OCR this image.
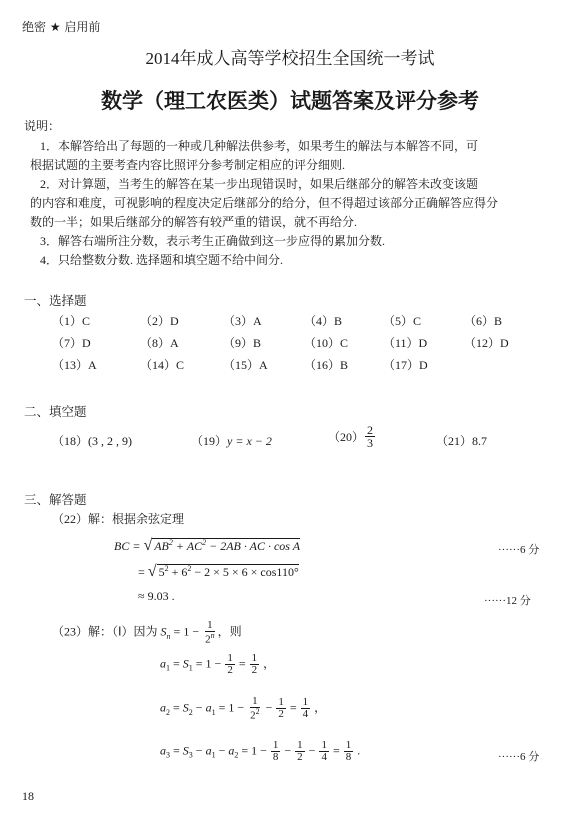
绝密 ★ 启用前
2014年成人高等学校招生全国统一考试
数学（理工农医类）试题答案及评分参考
说明：
1．本解答给出了每题的一种或几种解法供参考，如果考生的解法与本解答不同，可
根据试题的主要考查内容比照评分参考制定相应的评分细则.
2．对计算题，当考生的解答在某一步出现错误时，如果后继部分的解答未改变该题
的内容和难度，可视影响的程度决定后继部分的给分，但不得超过该部分正确解答应得分
数的一半；如果后继部分的解答有较严重的错误，就不再给分.
3．解答右端所注分数，表示考生正确做到这一步应得的累加分数.
4．只给整数分数. 选择题和填空题不给中间分.
一、选择题
（1）C	（2）D	（3）A	（4）B	（5）C	（6）B
（7）D	（8）A	（9）B	（10）C	（11）D	（12）D
（13）A	（14）C	（15）A	（16）B	（17）D
二、填空题
（18）(3 , 2 , 9)	（19）y = x − 2	$(20) \frac{2}{3}$	（21）8.7
三、解答题
（22）解：根据余弦定理
BC = √ $AB^2 + AC^2 - 2AB$ · AC · cos A	······6 分
= √ $5^2 + 6^2 - 2 \times 5 \times 6 \times \cos 110^\circ$
≈ 9.03 .	······12 分
（23）解：（Ⅰ）因为 $S_n = 1 - \frac{1}{2^n}$ ，则
$a_1 = S_1 = 1 - \frac{1}{2} = \frac{1}{2}$ ，
$a_2 = S_2 - a_1 = 1 - \frac{1}{2^2} - \frac{1}{2} = \frac{1}{4}$ ，
$a_3 = S_3 - a_1 - a_2 = 1 - \frac{1}{8} - \frac{1}{2} - \frac{1}{4} = \frac{1}{8}$ .	······6 分
18
